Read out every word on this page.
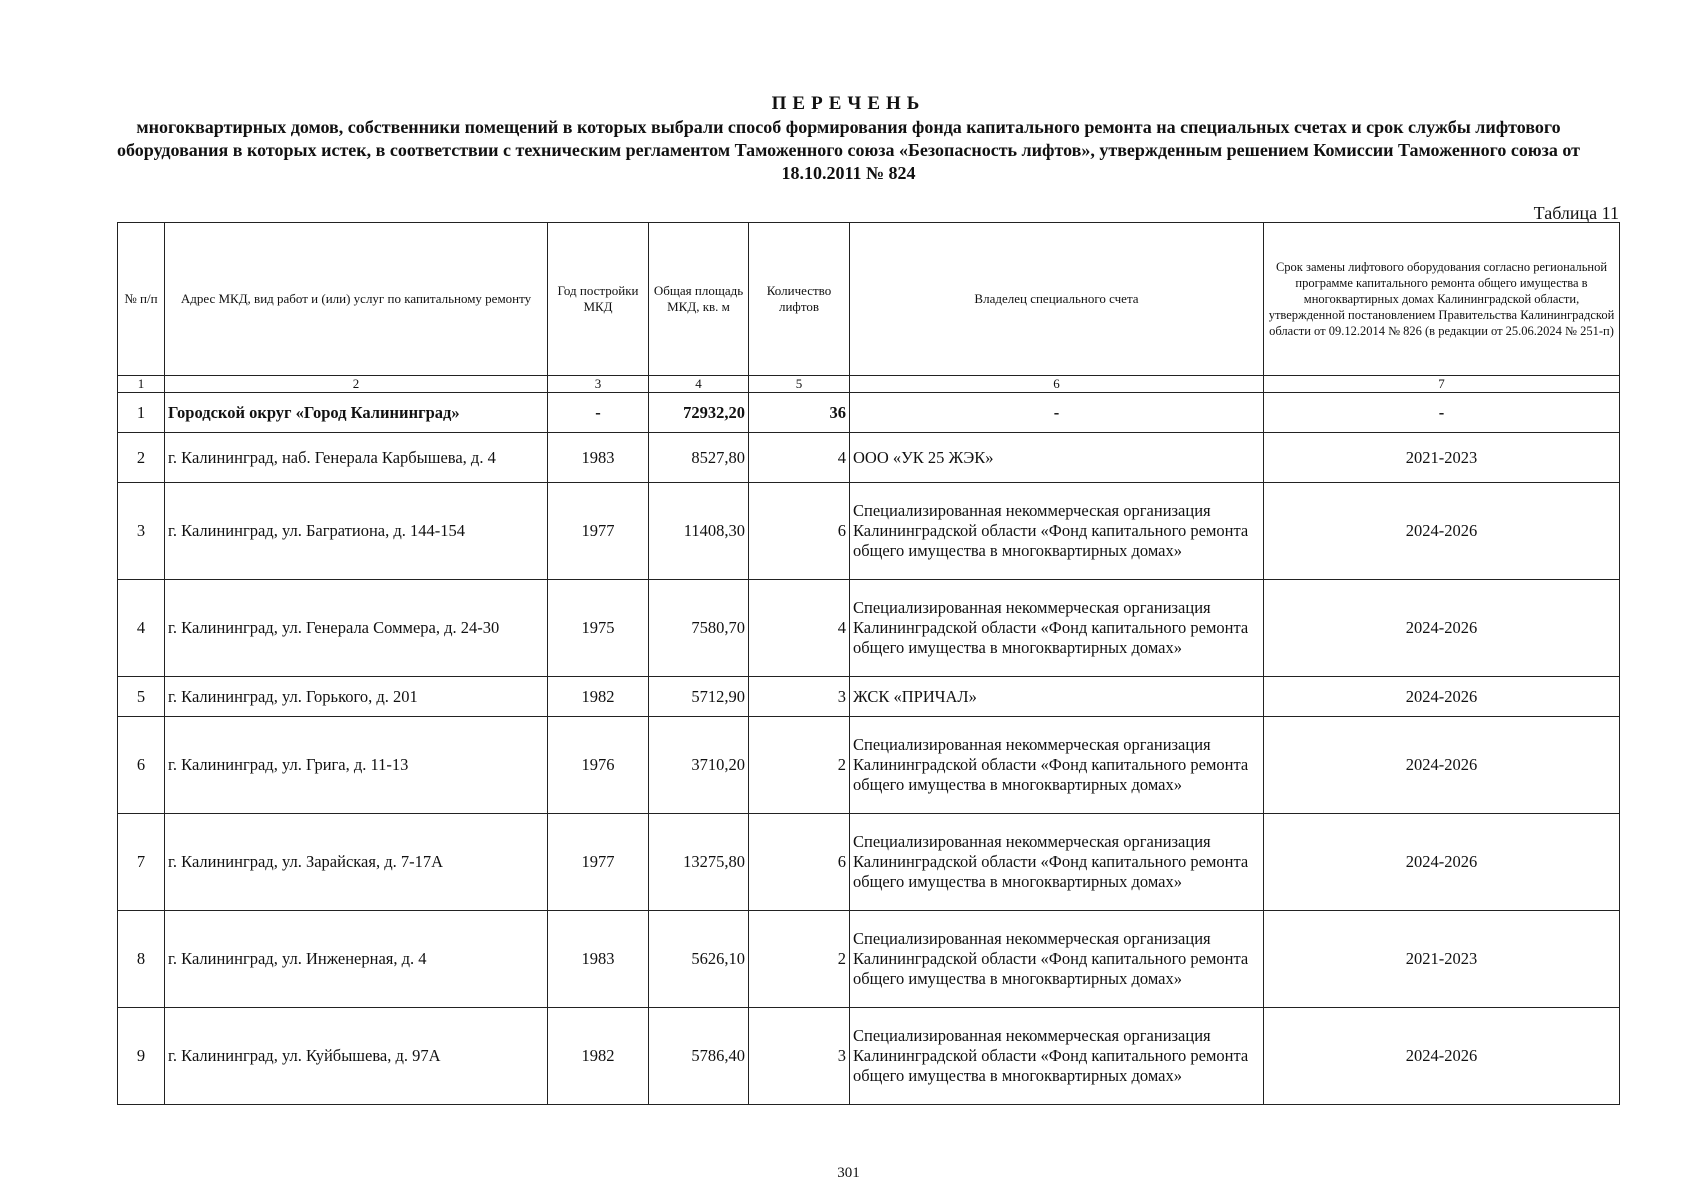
ПЕРЕЧЕНЬ
многоквартирных домов, собственники помещений в которых выбрали способ формирования фонда капитального ремонта на специальных счетах и срок службы лифтового оборудования в которых истек, в соответствии с техническим регламентом Таможенного союза «Безопасность лифтов», утвержденным решением Комиссии Таможенного союза от 18.10.2011 № 824
Таблица 11
№ п/п	Адрес МКД, вид работ и (или) услуг по капитальному ремонту	Год постройки МКД	Общая площадь МКД, кв. м	Количество лифтов	Владелец специального счета	Срок замены лифтового оборудования согласно региональной программе капитального ремонта общего имущества в многоквартирных домах Калининградской области, утвержденной постановлением Правительства Калининградской области от 09.12.2014 № 826 (в редакции от 25.06.2024 № 251-п)
1	2	3	4	5	6	7
1	Городской округ «Город Калининград»	-	72932,20	36	-	-
2	г. Калининград, наб. Генерала Карбышева, д. 4	1983	8527,80	4	ООО «УК 25 ЖЭК»	2021-2023
3	г. Калининград, ул. Багратиона, д. 144-154	1977	11408,30	6	Специализированная некоммерческая организация Калининградской области «Фонд капитального ремонта общего имущества в многоквартирных домах»	2024-2026
4	г. Калининград, ул. Генерала Соммера, д. 24-30	1975	7580,70	4	Специализированная некоммерческая организация Калининградской области «Фонд капитального ремонта общего имущества в многоквартирных домах»	2024-2026
5	г. Калининград, ул. Горького, д. 201	1982	5712,90	3	ЖСК «ПРИЧАЛ»	2024-2026
6	г. Калининград, ул. Грига, д. 11-13	1976	3710,20	2	Специализированная некоммерческая организация Калининградской области «Фонд капитального ремонта общего имущества в многоквартирных домах»	2024-2026
7	г. Калининград, ул. Зарайская, д. 7-17А	1977	13275,80	6	Специализированная некоммерческая организация Калининградской области «Фонд капитального ремонта общего имущества в многоквартирных домах»	2024-2026
8	г. Калининград, ул. Инженерная, д. 4	1983	5626,10	2	Специализированная некоммерческая организация Калининградской области «Фонд капитального ремонта общего имущества в многоквартирных домах»	2021-2023
9	г. Калининград, ул. Куйбышева, д. 97А	1982	5786,40	3	Специализированная некоммерческая организация Калининградской области «Фонд капитального ремонта общего имущества в многоквартирных домах»	2024-2026
301
